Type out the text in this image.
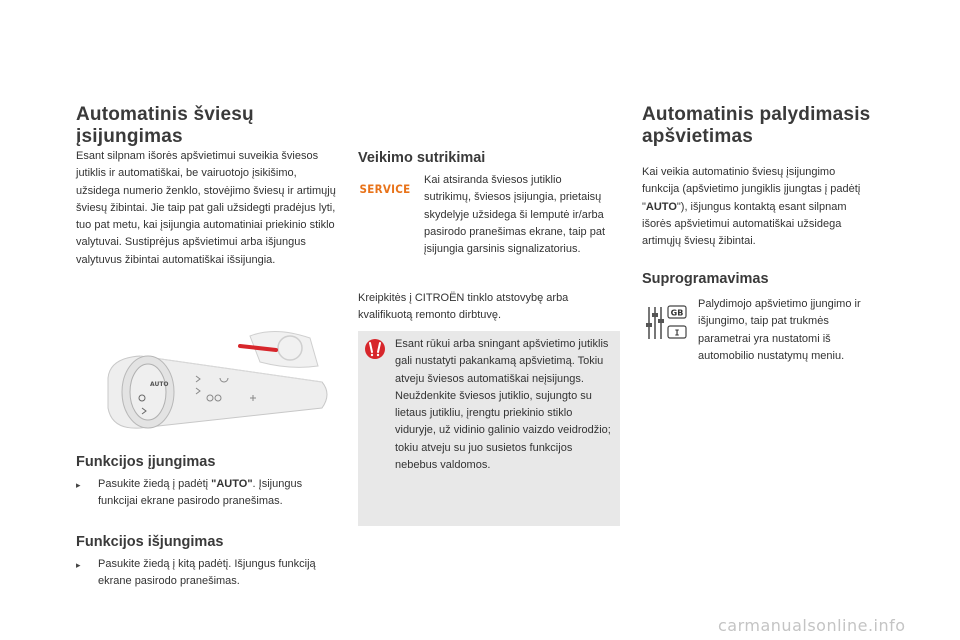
Automatinis šviesų
įsijungimas

Esant silpnam išorės apšvietimui suveikia šviesos jutiklis ir automatiškai, be vairuotojo įsikišimo, užsidega numerio ženklo, stovėjimo šviesų ir artimųjų šviesų žibintai. Jie taip pat gali užsidegti pradėjus lyti, tuo pat metu, kai įsijungia automatiniai priekinio stiklo valytuvai. Sustiprėjus apšvietimui arba išjungus valytuvus žibintai automatiškai išsijungia.

AUTO
Funkcijos įjungimas
▸	Pasukite žiedą į padėtį "AUTO". Įsijungus funkcijai ekrane pasirodo pranešimas.
Funkcijos išjungimas
▸	Pasukite žiedą į kitą padėtį. Išjungus funkciją ekrane pasirodo pranešimas.
Veikimo sutrikimai
SERVICE

Kai atsiranda šviesos jutiklio sutrikimų, šviesos įsijungia, prietaisų skydelyje užsidega ši lemputė ir/arba pasirodo pranešimas ekrane, taip pat įsijungia garsinis signalizatorius.

Kreipkitės į CITROËN tinklo atstovybę arba kvalifikuotą remonto dirbtuvę.

Esant rūkui arba sningant apšvietimo jutiklis gali nustatyti pakankamą apšvietimą. Tokiu atveju šviesos automatiškai neįsijungs. Neuždenkite šviesos jutiklio, sujungto su lietaus jutikliu, įrengtu priekinio stiklo viduryje, už vidinio galinio vaizdo veidrodžio; tokiu atveju su juo susietos funkcijos nebebus valdomos.

Automatinis palydimasis
apšvietimas

Kai veikia automatinio šviesų įsijungimo funkcija (apšvietimo jungiklis įjungtas į padėtį "AUTO"), išjungus kontaktą esant silpnam išorės apšvietimui automatiškai užsidega artimųjų šviesų žibintai.

Suprogramavimas
GB
I

Palydimojo apšvietimo įjungimo ir išjungimo, taip pat trukmės parametrai yra nustatomi iš automobilio nustatymų meniu.

carmanualsonline.info
